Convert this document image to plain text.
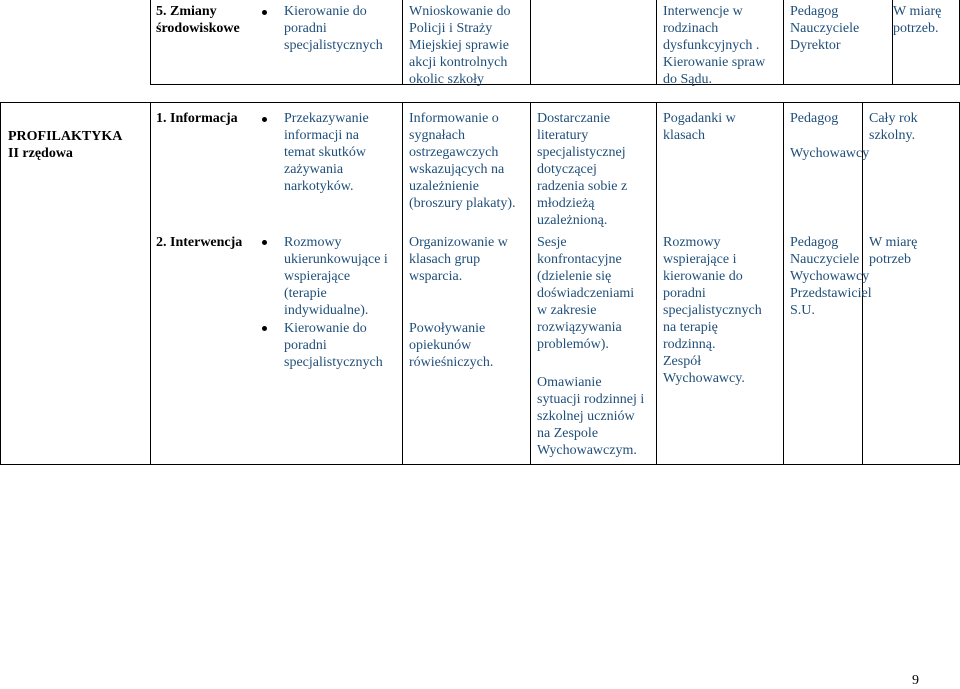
5. Zmiany
środowiskowe
Kierowanie do
poradni
specjalistycznych
Wnioskowanie do
Policji i Straży
Miejskiej sprawie
akcji kontrolnych
okolic szkoły
Interwencje w
rodzinach
dysfunkcyjnych .
Kierowanie spraw
do Sądu.
Pedagog
Nauczyciele
Dyrektor
W miarę
potrzeb.
PROFILAKTYKA
II rzędowa
1. Informacja	Przekazywanie
informacji na
temat skutków
zażywania
narkotyków.
Informowanie o
sygnałach
ostrzegawczych
wskazujących na
uzależnienie
(broszury plakaty).
Dostarczanie
literatury
specjalistycznej
dotyczącej
radzenia sobie z
młodzieżą
uzależnioną.
Pogadanki w
klasach
Pedagog
Wychowawcy
Cały rok
szkolny.
2. Interwencja	Rozmowy
ukierunkowujące i
wspierające
(terapie
indywidualne).
Kierowanie do
poradni
specjalistycznych
Organizowanie w
klasach grup
wsparcia.
Powoływanie
opiekunów
rówieśniczych.
Sesje
konfrontacyjne
(dzielenie się
doświadczeniami
w zakresie
rozwiązywania
problemów).
Omawianie
sytuacji rodzinnej i
szkolnej uczniów
na Zespole
Wychowawczym.
Rozmowy
wspierające i
kierowanie do
poradni
specjalistycznych
na terapię
rodzinną.
Zespół
Wychowawcy.
Pedagog
Nauczyciele
Wychowawcy
Przedstawiciel
S.U.
W miarę
potrzeb
9
